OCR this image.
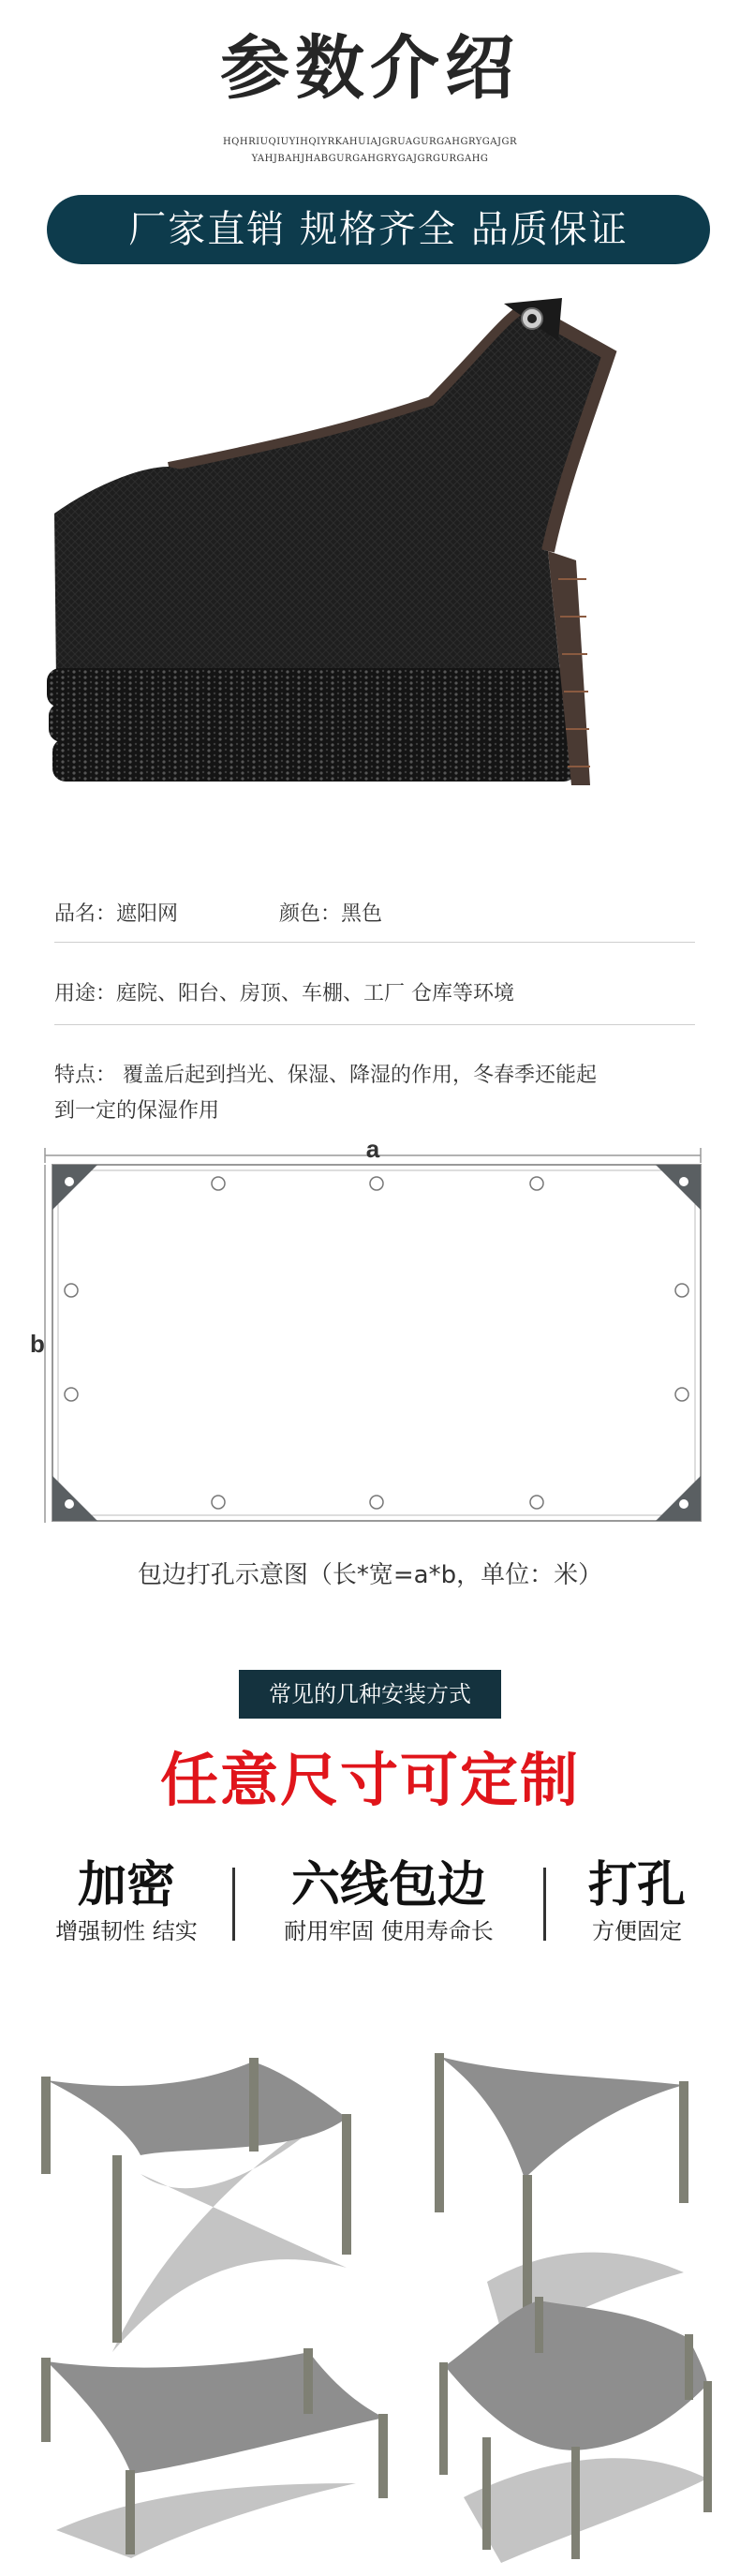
参数介绍
HQHRIUQIUYIHQIYRKAHUIAJGRUAGURGAHGRYGAJGR
YAHJBAHJHABGURGAHGRYGAJGRGURGAHG
厂家直销 规格齐全 品质保证
品名：遮阳网	颜色：黑色
用途：庭院、阳台、房顶、车棚、工厂 仓库等环境
特点： 覆盖后起到挡光、保湿、降湿的作用，冬春季还能起
到一定的保湿作用
a
b
包边打孔示意图（长*宽=a*b，单位：米）
常见的几种安装方式
任意尺寸可定制
加密
增强韧性 结实
六线包边
耐用牢固 使用寿命长
打孔
方便固定
